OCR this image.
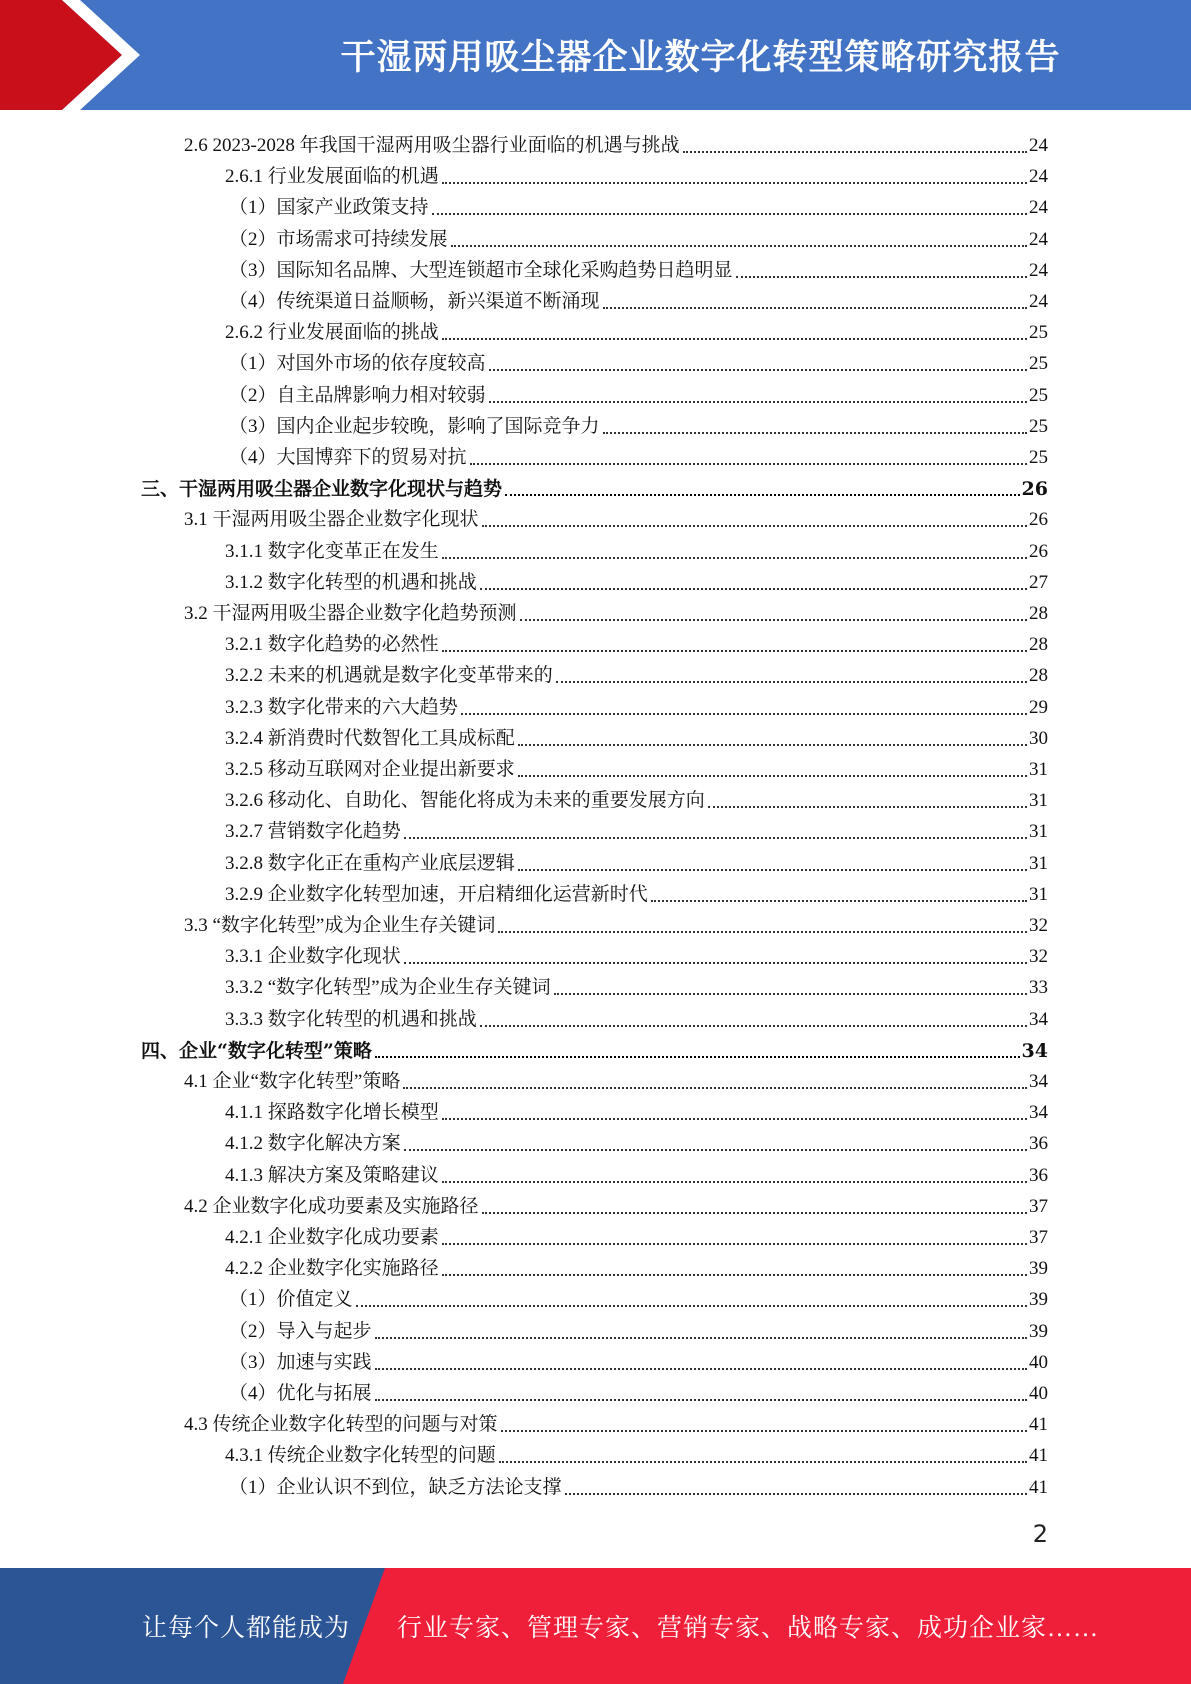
干湿两用吸尘器企业数字化转型策略研究报告
2.6 2023-2028 年我国干湿两用吸尘器行业面临的机遇与挑战	24
2.6.1 行业发展面临的机遇	24
（1）国家产业政策支持	24
（2）市场需求可持续发展	24
（3）国际知名品牌、大型连锁超市全球化采购趋势日趋明显	24
（4）传统渠道日益顺畅，新兴渠道不断涌现	24
2.6.2 行业发展面临的挑战	25
（1）对国外市场的依存度较高	25
（2）自主品牌影响力相对较弱	25
（3）国内企业起步较晚，影响了国际竞争力	25
（4）大国博弈下的贸易对抗	25
三、干湿两用吸尘器企业数字化现状与趋势	26
3.1 干湿两用吸尘器企业数字化现状	26
3.1.1 数字化变革正在发生	26
3.1.2 数字化转型的机遇和挑战	27
3.2 干湿两用吸尘器企业数字化趋势预测	28
3.2.1 数字化趋势的必然性	28
3.2.2 未来的机遇就是数字化变革带来的	28
3.2.3 数字化带来的六大趋势	29
3.2.4 新消费时代数智化工具成标配	30
3.2.5 移动互联网对企业提出新要求	31
3.2.6 移动化、自助化、智能化将成为未来的重要发展方向	31
3.2.7 营销数字化趋势	31
3.2.8 数字化正在重构产业底层逻辑	31
3.2.9 企业数字化转型加速，开启精细化运营新时代	31
3.3 “数字化转型”成为企业生存关键词	32
3.3.1 企业数字化现状	32
3.3.2 “数字化转型”成为企业生存关键词	33
3.3.3 数字化转型的机遇和挑战	34
四、企业“数字化转型”策略	34
4.1 企业“数字化转型”策略	34
4.1.1 探路数字化增长模型	34
4.1.2 数字化解决方案	36
4.1.3 解决方案及策略建议	36
4.2 企业数字化成功要素及实施路径	37
4.2.1 企业数字化成功要素	37
4.2.2 企业数字化实施路径	39
（1）价值定义	39
（2）导入与起步	39
（3）加速与实践	40
（4）优化与拓展	40
4.3 传统企业数字化转型的问题与对策	41
4.3.1 传统企业数字化转型的问题	41
（1）企业认识不到位，缺乏方法论支撑	41
2
让每个人都能成为 行业专家、管理专家、营销专家、战略专家、成功企业家……
